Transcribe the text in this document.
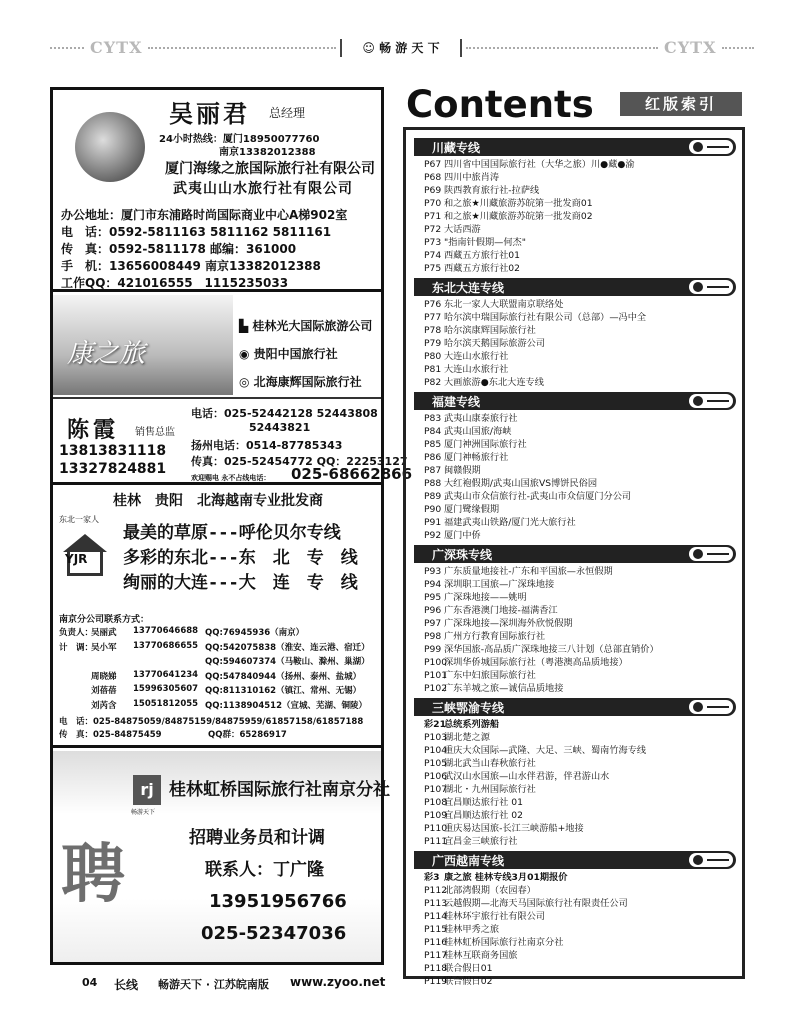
CYTX	☺ 畅 游 天 下	CYTX
吴丽君 总经理
24小时热线：厦门18950077760
南京13382012388
厦门海缘之旅国际旅行社有限公司
武夷山山水旅行社有限公司
办公地址：厦门市东浦路时尚国际商业中心A梯902室
电　话：0592-5811163 5811162 5811161
传　真：0592-5811178 邮编：361000
手　机：13656008449 南京13382012388
工作QQ：421016555　1115235033
康之旅
▙ 桂林光大国际旅游公司
◉ 贵阳中国旅行社
◎ 北海康辉国际旅行社
陈霞 销售总监
13813831118
13327824881
电话：025-52442128 52443808
52443821
扬州电话：0514-87785343
传真：025-52454772 QQ：22253127
欢迎赐电 永不占线电话： 025-68662866
桂林　贵阳　北海越南专业批发商
东北一家人
YJR
最美的草原---呼伦贝尔专线
多彩的东北---东　北　专　线
绚丽的大连---大　连　专　线
南京分公司联系方式：
负责人：
吴丽武 13770646688 QQ:76945936（南京）
计　调：
吴小军 13770686655 QQ:542075838（淮安、连云港、宿迁）
QQ:594607374（马鞍山、滁州、巢湖）
周晓娣 13770641234 QQ:547840944（扬州、泰州、盐城）
刘蓓蓓 15996305607 QQ:811310162（镇江、常州、无锡）
刘芮含 15051812055 QQ:1138904512（宣城、芜湖、铜陵）
电　话：025-84875059/84875159/84875959/61857158/61857188
传　真：025-84875459	QQ群：65286917
rj
畅游天下
桂林虹桥国际旅行社南京分社
聘	招聘业务员和计调
联系人：丁广隆
13951956766
025-52347036
Contents	红版索引
川藏专线
P67 四川省中国国际旅行社（大华之旅）川●藏●渝
P68 四川中旅肖涛
P69 陕西教育旅行社-拉萨线
P70 和之旅★川藏旅游苏皖第一批发商01
P71 和之旅★川藏旅游苏皖第一批发商02
P72 大话西游
P73 "指南针假期—何杰"
P74 西藏五方旅行社01
P75 西藏五方旅行社02
东北大连专线
P76 东北一家人大联盟南京联络处
P77 哈尔滨中瑞国际旅行社有限公司（总部）—冯中全
P78 哈尔滨康辉国际旅行社
P79 哈尔滨天鹅国际旅游公司
P80 大连山水旅行社
P81 大连山水旅行社
P82 大画旅游●东北大连专线
福建专线
P83 武夷山康泰旅行社
P84 武夷山国旅/海峡
P85 厦门神洲国际旅行社
P86 厦门神畅旅行社
P87 闽赣假期
P88 大红袍假期/武夷山国旅VS博饼民俗园
P89 武夷山市众信旅行社-武夷山市众信厦门分公司
P90 厦门鹭缘假期
P91 福建武夷山铁路/厦门光大旅行社
P92 厦门中侨
广深珠专线
P93 广东质量地接社-广东和平国旅—永恒假期
P94 深圳职工国旅—广深珠地接
P95 广深珠地接——姚明
P96 广东香港澳门地接-福满香江
P97 广深珠地接—深圳海外欣悦假期
P98 广州方行教育国际旅行社
P99 深华国旅-高品质广深珠地接三八计划（总部直销价）
P100深圳华侨城国际旅行社（粤港澳高品质地接）
P101广东中妇旅国际旅行社
P102广东羊城之旅—诚信品质地接
三峡鄂渝专线
彩21总统系列游船
P103湖北楚之源
P104重庆大众国际—武隆、大足、三峡、蜀南竹海专线
P105湖北武当山春秋旅行社
P106武汉山水国旅—山水伴君游，伴君游山水
P107湖北・九州国际旅行社
P108宜昌顺达旅行社 01
P109宜昌顺达旅行社 02
P110重庆易达国旅-长江三峡游船+地接
P111宜昌金三峡旅行社
广西越南专线
彩3 康之旅 桂林专线3月01期报价
P112北部湾假期（农园春）
P113云越假期—北海天马国际旅行社有限责任公司
P114桂林环宇旅行社有限公司
P115桂林甲秀之旅
P116桂林虹桥国际旅行社南京分社
P117桂林互联商务国旅
P118联合假日01
P119联合假日02
04 长线 畅游天下 · 江苏皖南版 www.zyoo.net
